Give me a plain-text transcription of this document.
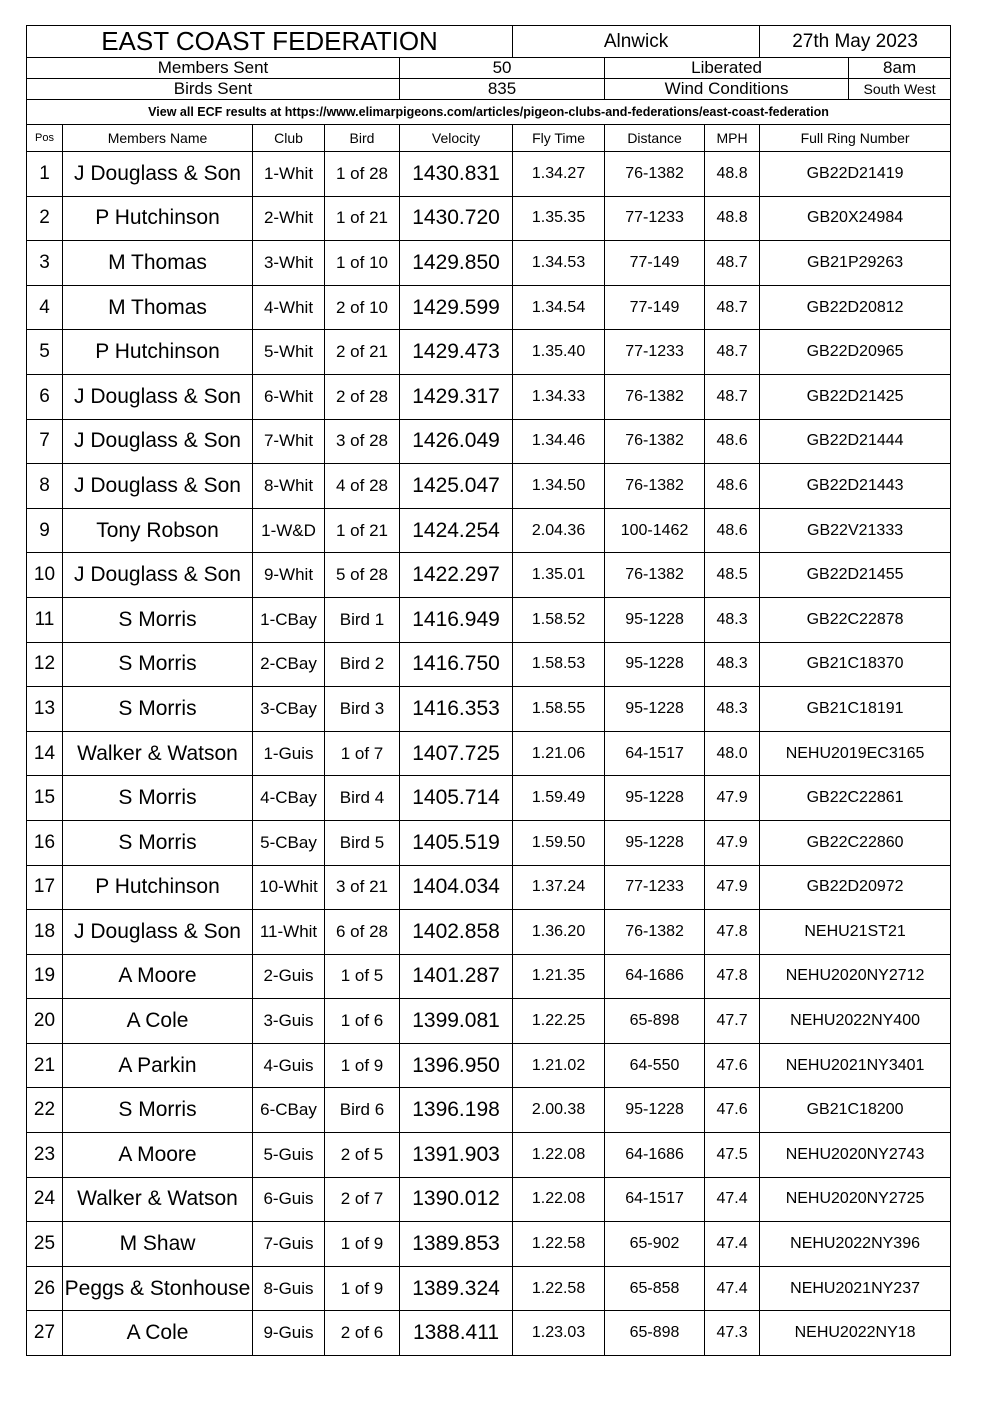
EAST COAST FEDERATION					Alnwick			27th May 2023	
Members Sent				50		Liberated			8am
Birds Sent				835		Wind Conditions			South West
View all ECF results at https://www.elimarpigeons.com/articles/pigeon-clubs-and-federations/east-coast-federation									
Pos	Members Name	Club	Bird	Velocity	Fly Time	Distance	MPH	Full Ring Number	
1	J Douglass & Son	1-Whit	1 of 28	1430.831	1.34.27	76-1382	48.8	GB22D21419	
2	P Hutchinson	2-Whit	1 of 21	1430.720	1.35.35	77-1233	48.8	GB20X24984	
3	M Thomas	3-Whit	1 of 10	1429.850	1.34.53	77-149	48.7	GB21P29263	
4	M Thomas	4-Whit	2 of 10	1429.599	1.34.54	77-149	48.7	GB22D20812	
5	P Hutchinson	5-Whit	2 of 21	1429.473	1.35.40	77-1233	48.7	GB22D20965	
6	J Douglass & Son	6-Whit	2 of 28	1429.317	1.34.33	76-1382	48.7	GB22D21425	
7	J Douglass & Son	7-Whit	3 of 28	1426.049	1.34.46	76-1382	48.6	GB22D21444	
8	J Douglass & Son	8-Whit	4 of 28	1425.047	1.34.50	76-1382	48.6	GB22D21443	
9	Tony Robson	1-W&D	1 of 21	1424.254	2.04.36	100-1462	48.6	GB22V21333	
10	J Douglass & Son	9-Whit	5 of 28	1422.297	1.35.01	76-1382	48.5	GB22D21455	
11	S Morris	1-CBay	Bird 1	1416.949	1.58.52	95-1228	48.3	GB22C22878	
12	S Morris	2-CBay	Bird 2	1416.750	1.58.53	95-1228	48.3	GB21C18370	
13	S Morris	3-CBay	Bird 3	1416.353	1.58.55	95-1228	48.3	GB21C18191	
14	Walker & Watson	1-Guis	1 of 7	1407.725	1.21.06	64-1517	48.0	NEHU2019EC3165	
15	S Morris	4-CBay	Bird 4	1405.714	1.59.49	95-1228	47.9	GB22C22861	
16	S Morris	5-CBay	Bird 5	1405.519	1.59.50	95-1228	47.9	GB22C22860	
17	P Hutchinson	10-Whit	3 of 21	1404.034	1.37.24	77-1233	47.9	GB22D20972	
18	J Douglass & Son	11-Whit	6 of 28	1402.858	1.36.20	76-1382	47.8	NEHU21ST21	
19	A Moore	2-Guis	1 of 5	1401.287	1.21.35	64-1686	47.8	NEHU2020NY2712	
20	A Cole	3-Guis	1 of 6	1399.081	1.22.25	65-898	47.7	NEHU2022NY400	
21	A Parkin	4-Guis	1 of 9	1396.950	1.21.02	64-550	47.6	NEHU2021NY3401	
22	S Morris	6-CBay	Bird 6	1396.198	2.00.38	95-1228	47.6	GB21C18200	
23	A Moore	5-Guis	2 of 5	1391.903	1.22.08	64-1686	47.5	NEHU2020NY2743	
24	Walker & Watson	6-Guis	2 of 7	1390.012	1.22.08	64-1517	47.4	NEHU2020NY2725	
25	M Shaw	7-Guis	1 of 9	1389.853	1.22.58	65-902	47.4	NEHU2022NY396	
26	Peggs & Stonhouse	8-Guis	1 of 9	1389.324	1.22.58	65-858	47.4	NEHU2021NY237	
27	A Cole	9-Guis	2 of 6	1388.411	1.23.03	65-898	47.3	NEHU2022NY18	
